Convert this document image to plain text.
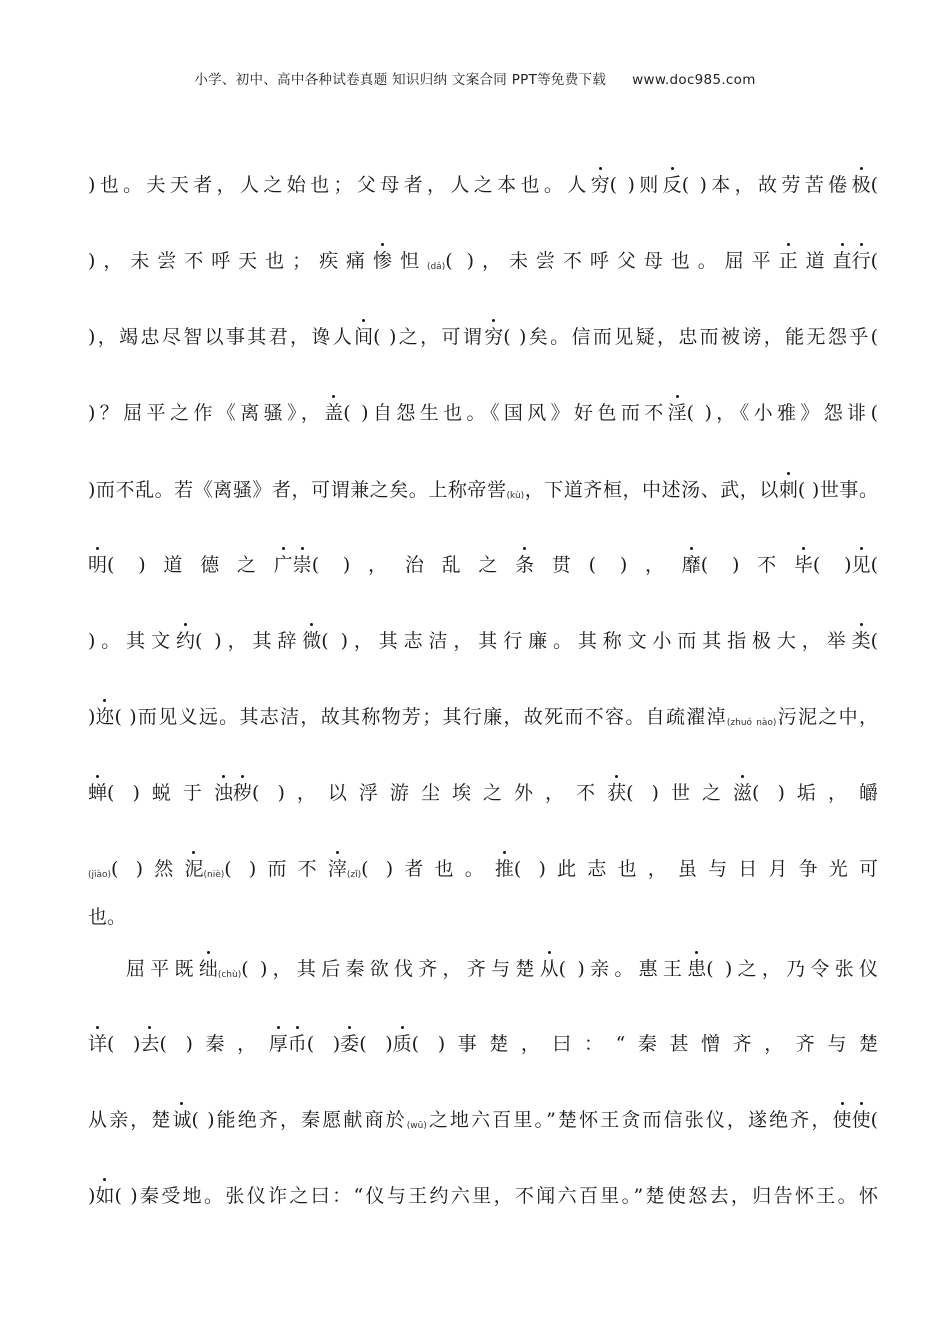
小学、初中、高中各种试卷真题 知识归纳 文案合同 PPT等免费下载 www.doc985.com
)也。夫天者，人之始也；父母者，人之本也。人穷( )则反( )本，故劳苦倦极(
)，未尝不呼天也；疾痛惨怛(dá)( )，未尝不呼父母也。屈平正道直行(
)，竭忠尽智以事其君，谗人间( )之，可谓穷( )矣。信而见疑，忠而被谤，能无怨乎(
)？屈平之作《离骚》，盖( )自怨生也。《国风》好色而不淫( )，《小雅》怨诽(
)而不乱。若《离骚》者，可谓兼之矣。上称帝喾(kù)，下道齐桓，中述汤、武，以刺( )世事。
明( )道德之广崇( )，治乱之条贯( )，靡( )不毕( )见(
)。其文约( )，其辞微( )，其志洁，其行廉。其称文小而其指极大，举类(
)迩( )而见义远。其志洁，故其称物芳；其行廉，故死而不容。自疏濯淖(zhuó nào)污泥之中，
蝉( )蜕于浊秽( )，以浮游尘埃之外，不获( )世之滋( )垢，皭
(jiào)( )然泥(niè)( )而不滓(zǐ)( )者也。推( )此志也，虽与日月争光可
也。
屈平既绌(chù)( )，其后秦欲伐齐，齐与楚从( )亲。惠王患( )之，乃令张仪
详( )去( )秦，厚币( )委( )质( )事楚，曰：“秦甚憎齐，齐与楚
从亲，楚诚( )能绝齐，秦愿献商於(wū)之地六百里。”楚怀王贪而信张仪，遂绝齐，使使(
)如( )秦受地。张仪诈之曰：“仪与王约六里，不闻六百里。”楚使怒去，归告怀王。怀
